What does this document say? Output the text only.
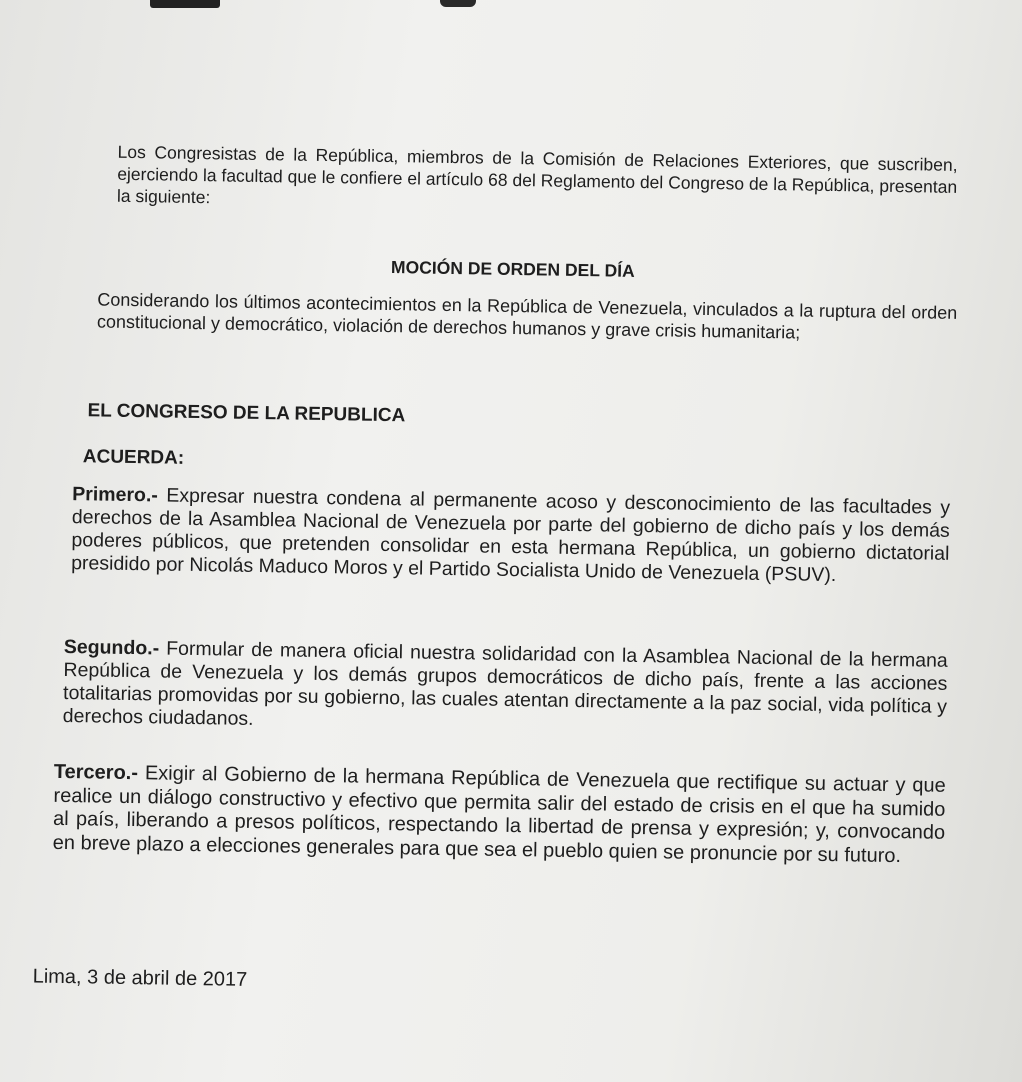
Los Congresistas de la República, miembros de la Comisión de Relaciones Exteriores, que suscriben, ejerciendo la facultad que le confiere el artículo 68 del Reglamento del Congreso de la República, presentan la siguiente:

MOCIÓN DE ORDEN DEL DÍA

Considerando los últimos acontecimientos en la República de Venezuela, vinculados a la ruptura del orden constitucional y democrático, violación de derechos humanos y grave crisis humanitaria;

EL CONGRESO DE LA REPUBLICA
ACUERDA:

Primero.- Expresar nuestra condena al permanente acoso y desconocimiento de las facultades y derechos de la Asamblea Nacional de Venezuela por parte del gobierno de dicho país y los demás poderes públicos, que pretenden consolidar en esta hermana República, un gobierno dictatorial presidido por Nicolás Maduco Moros y el Partido Socialista Unido de Venezuela (PSUV).

Segundo.- Formular de manera oficial nuestra solidaridad con la Asamblea Nacional de la hermana República de Venezuela y los demás grupos democráticos de dicho país, frente a las acciones totalitarias promovidas por su gobierno, las cuales atentan directamente a la paz social, vida política y derechos ciudadanos.

Tercero.- Exigir al Gobierno de la hermana República de Venezuela que rectifique su actuar y que realice un diálogo constructivo y efectivo que permita salir del estado de crisis en el que ha sumido al país, liberando a presos políticos, respectando la libertad de prensa y expresión; y, convocando en breve plazo a elecciones generales para que sea el pueblo quien se pronuncie por su futuro.

Lima, 3 de abril de 2017
